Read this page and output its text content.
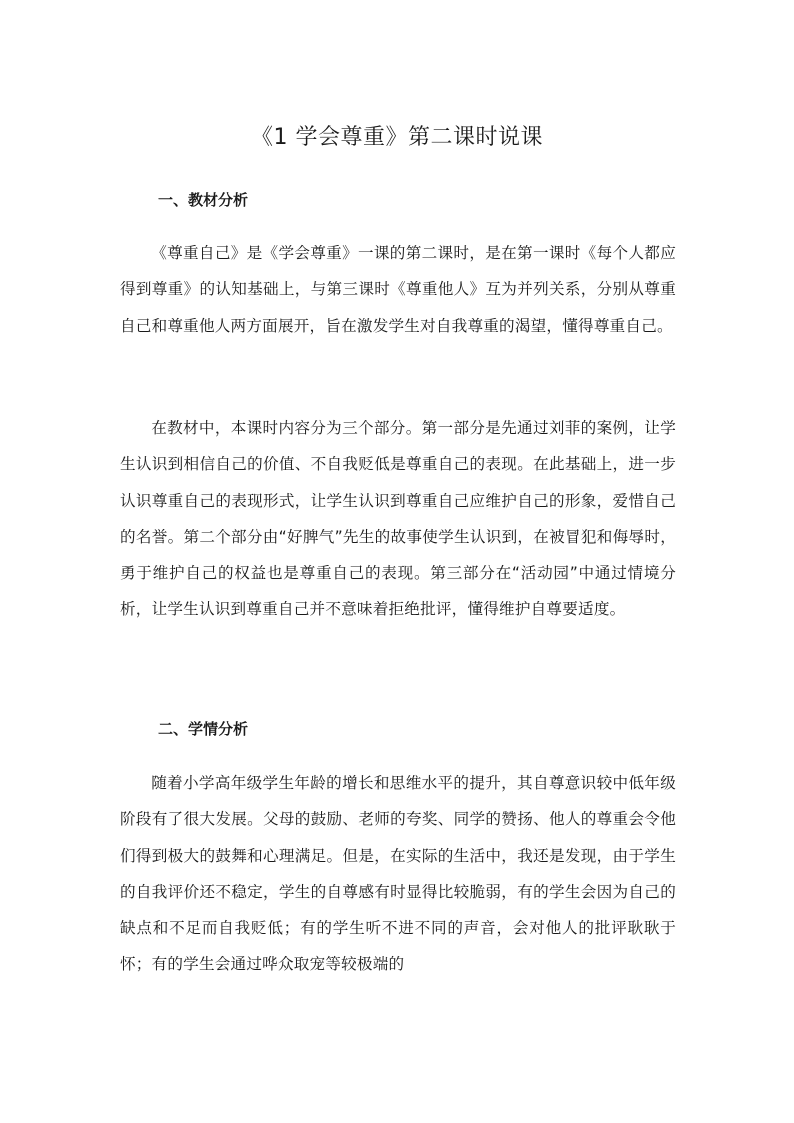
《1 学会尊重》第二课时说课
一、教材分析

《尊重自己》是《学会尊重》一课的第二课时，是在第一课时《每个人都应得到尊重》的认知基础上，与第三课时《尊重他人》互为并列关系，分别从尊重自己和尊重他人两方面展开，旨在激发学生对自我尊重的渴望，懂得尊重自己。

在教材中，本课时内容分为三个部分。第一部分是先通过刘菲的案例，让学生认识到相信自己的价值、不自我贬低是尊重自己的表现。在此基础上，进一步认识尊重自己的表现形式，让学生认识到尊重自己应维护自己的形象，爱惜自己的名誉。第二个部分由“好脾气”先生的故事使学生认识到，在被冒犯和侮辱时，勇于维护自己的权益也是尊重自己的表现。第三部分在“活动园”中通过情境分析，让学生认识到尊重自己并不意味着拒绝批评，懂得维护自尊要适度。

二、学情分析

随着小学高年级学生年龄的增长和思维水平的提升，其自尊意识较中低年级阶段有了很大发展。父母的鼓励、老师的夸奖、同学的赞扬、他人的尊重会令他们得到极大的鼓舞和心理满足。但是，在实际的生活中，我还是发现，由于学生的自我评价还不稳定，学生的自尊感有时显得比较脆弱，有的学生会因为自己的缺点和不足而自我贬低；有的学生听不进不同的声音，会对他人的批评耿耿于怀；有的学生会通过哗众取宠等较极端的
